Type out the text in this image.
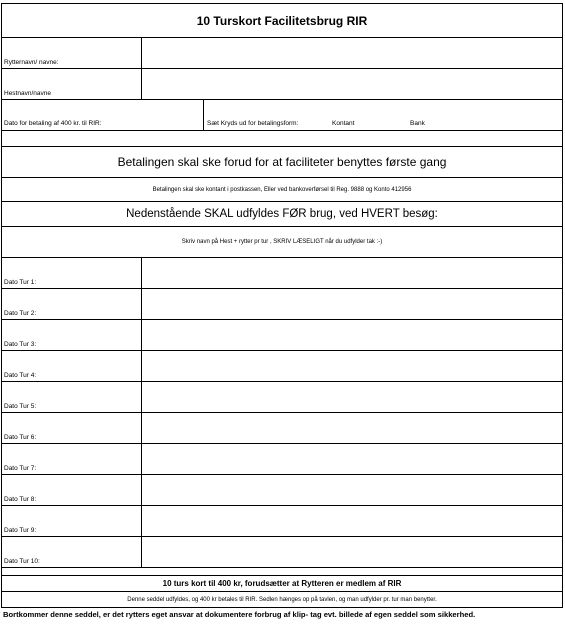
10 Turskort Facilitetsbrug RIR
Rytternavn/ navne:
Hestnavn/navne
Dato for betaling af 400 kr. til RIR:	Sæt Kryds ud for betalingsform:	Kontant	Bank
Betalingen skal ske forud for at faciliteter benyttes første gang
Betalingen skal ske kontant i postkassen, Eller ved bankoverførsel til Reg. 9888 og Konto 412956
Nedenstående SKAL udfyldes FØR brug, ved HVERT besøg:
Skriv navn på Hest + rytter pr tur , SKRIV LÆSELIGT når du udfylder tak :-)
Dato Tur 1:
Dato Tur 2:
Dato Tur 3:
Dato Tur 4:
Dato Tur 5:
Dato Tur 6:
Dato Tur 7:
Dato Tur 8:
Dato Tur 9:
Dato Tur 10:
10 turs kort til 400 kr, forudsætter at Rytteren er medlem af RIR
Denne seddel udfyldes, og 400 kr betales til RIR. Sedlen hænges op på tavlen, og man udfylder pr. tur man benytter.
Bortkommer denne seddel, er det rytters eget ansvar at dokumentere forbrug af klip- tag evt. billede af egen seddel som sikkerhed.
